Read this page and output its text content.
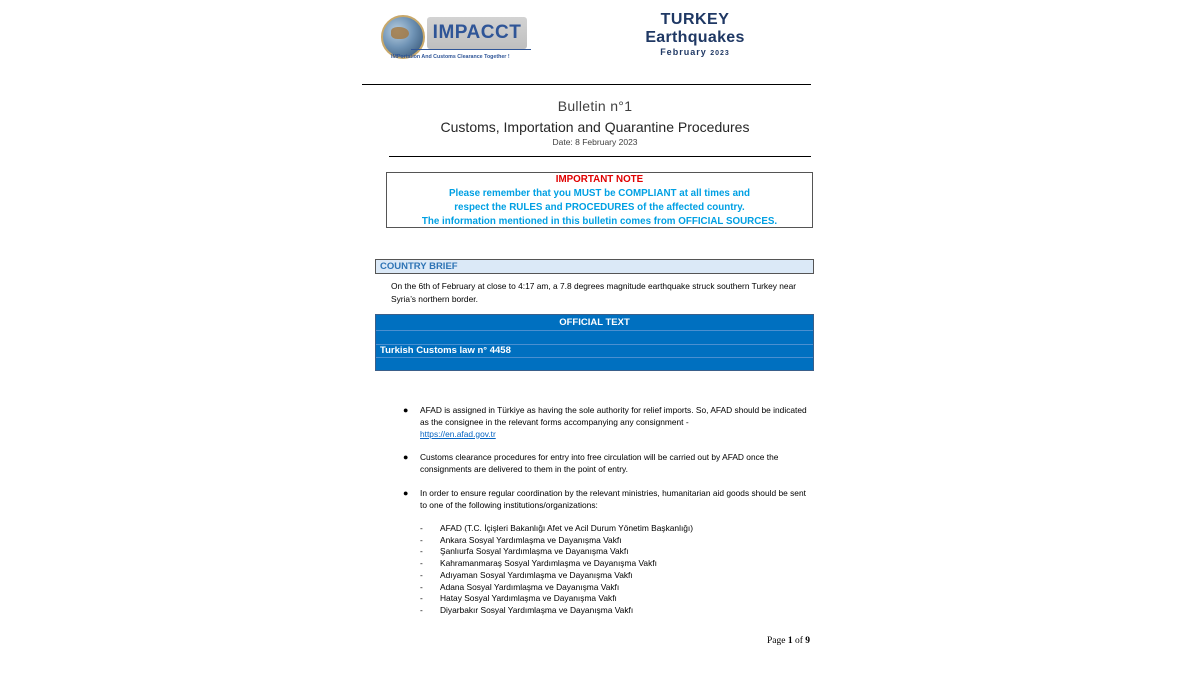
IMPACCT
IMPortation And Customs Clearance Together !
TURKEY
Earthquakes
February 2023
Bulletin n°1
Customs, Importation and Quarantine Procedures
Date: 8 February 2023
IMPORTANT NOTE
Please remember that you MUST be COMPLIANT at all times and
respect the RULES and PROCEDURES of the affected country.
The information mentioned in this bulletin comes from OFFICIAL SOURCES.
COUNTRY BRIEF
On the 6th of February at close to 4:17 am, a 7.8 degrees magnitude earthquake struck southern Turkey near Syria’s northern border.
OFFICIAL TEXT
Turkish Customs law n° 4458
● AFAD is assigned in Türkiye as having the sole authority for relief imports. So, AFAD should be indicated as the consignee in the relevant forms accompanying any consignment -
https://en.afad.gov.tr
● Customs clearance procedures for entry into free circulation will be carried out by AFAD once the consignments are delivered to them in the point of entry.
● In order to ensure regular coordination by the relevant ministries, humanitarian aid goods should be sent to one of the following institutions/organizations:
- AFAD (T.C. İçişleri Bakanlığı Afet ve Acil Durum Yönetim Başkanlığı)
- Ankara Sosyal Yardımlaşma ve Dayanışma Vakfı
- Şanlıurfa Sosyal Yardımlaşma ve Dayanışma Vakfı
- Kahramanmaraş Sosyal Yardımlaşma ve Dayanışma Vakfı
- Adıyaman Sosyal Yardımlaşma ve Dayanışma Vakfı
- Adana Sosyal Yardımlaşma ve Dayanışma Vakfı
- Hatay Sosyal Yardımlaşma ve Dayanışma Vakfı
- Diyarbakır Sosyal Yardımlaşma ve Dayanışma Vakfı
Page 1 of 9
